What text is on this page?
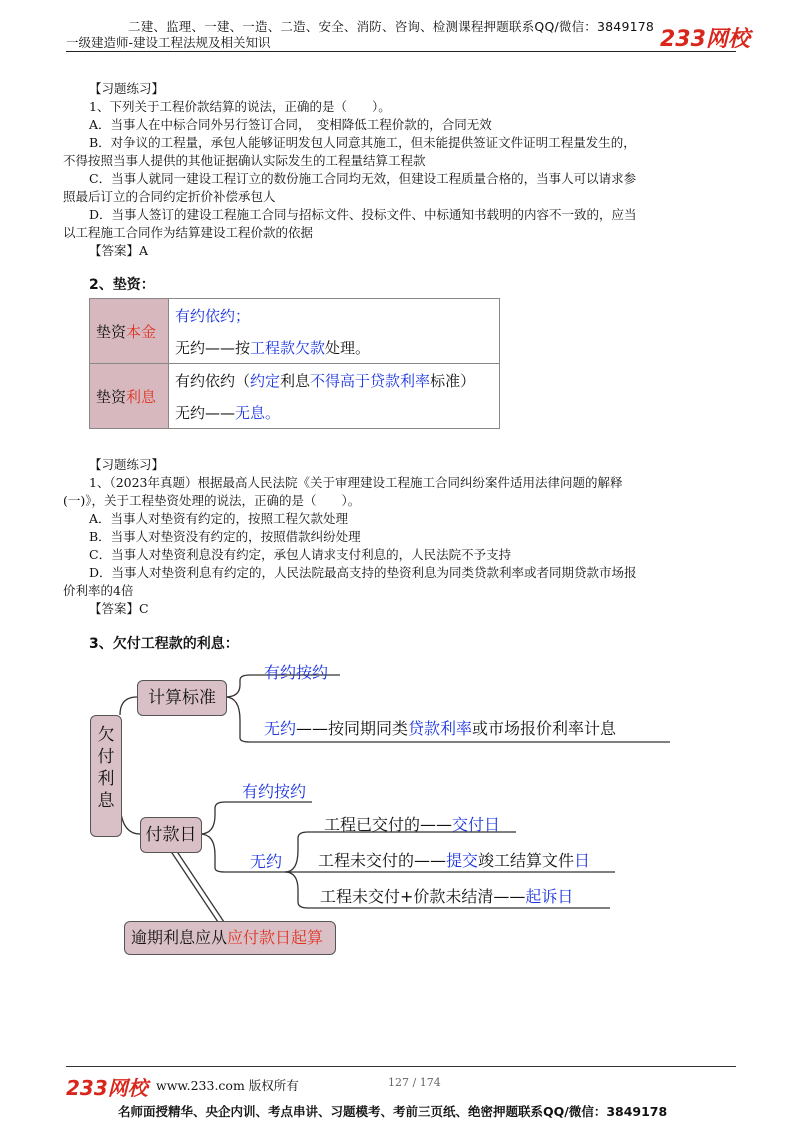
二建、监理、一建、一造、二造、安全、消防、咨询、检测课程押题联系QQ/微信：3849178
一级建造师-建设工程法规及相关知识	233网校
【习题练习】
1、下列关于工程价款结算的说法，正确的是（　　）。
A．当事人在中标合同外另行签订合同，　变相降低工程价款的，合同无效
B．对争议的工程量，承包人能够证明发包人同意其施工，但未能提供签证文件证明工程量发生的，
不得按照当事人提供的其他证据确认实际发生的工程量结算工程款
C．当事人就同一建设工程订立的数份施工合同均无效，但建设工程质量合格的，当事人可以请求参
照最后订立的合同约定折价补偿承包人
D．当事人签订的建设工程施工合同与招标文件、投标文件、中标通知书载明的内容不一致的，应当
以工程施工合同作为结算建设工程价款的依据
【答案】A
2、垫资：
垫资本金	有约依约；
	无约——按工程款欠款处理。
垫资利息	有约依约（约定利息不得高于贷款利率标准）
	无约——无息。
【习题练习】
1、（2023年真题）根据最高人民法院《关于审理建设工程施工合同纠纷案件适用法律问题的解释
(一)》，关于工程垫资处理的说法，正确的是（　　）。
A．当事人对垫资有约定的，按照工程欠款处理
B．当事人对垫资没有约定的，按照借款纠纷处理
C．当事人对垫资利息没有约定，承包人请求支付利息的，人民法院不予支持
D．当事人对垫资利息有约定的，人民法院最高支持的垫资利息为同类贷款利率或者同期贷款市场报
价利率的4倍
【答案】C
3、欠付工程款的利息：
欠付利息
计算标准
有约按约
无约——按同期同类贷款利率或市场报价利率计息
付款日
有约按约
无约
工程已交付的——交付日
工程未交付的——提交竣工结算文件日
工程未交付+价款未结清——起诉日
逾期利息应从应付款日起算
233网校 www.233.com 版权所有	127 / 174
名师面授精华、央企内训、考点串讲、习题模考、考前三页纸、绝密押题联系QQ/微信：3849178
